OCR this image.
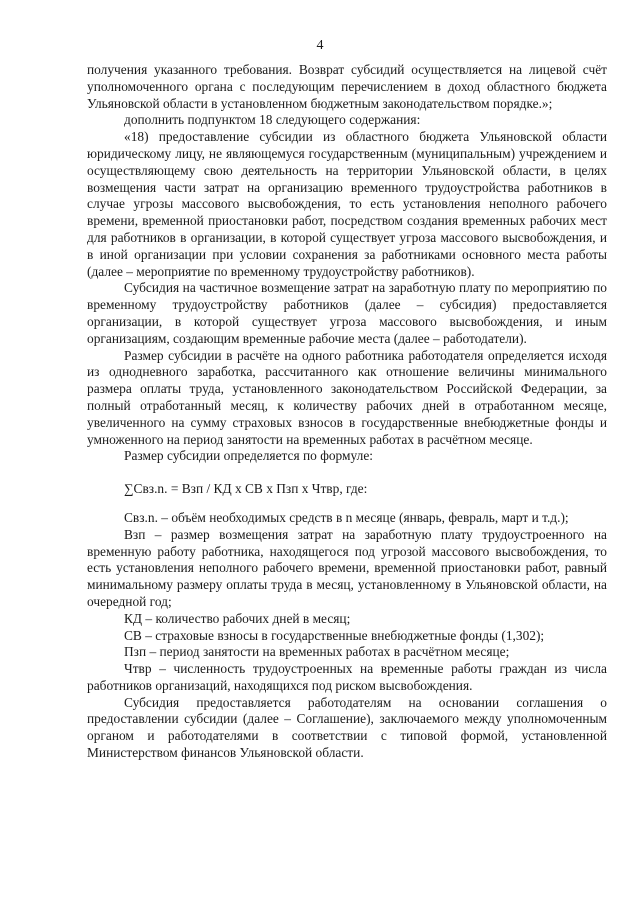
4

получения указанного требования. Возврат субсидий осуществляется на лицевой счёт уполномоченного органа с последующим перечислением в доход областного бюджета Ульяновской области в установленном бюджетным законодательством порядке.»;

дополнить подпунктом 18 следующего содержания:

«18) предоставление субсидии из областного бюджета Ульяновской области юридическому лицу, не являющемуся государственным (муниципальным) учреждением и осуществляющему свою деятельность на территории Ульяновской области, в целях возмещения части затрат на организацию временного трудоустройства работников в случае угрозы массового высвобождения, то есть установления неполного рабочего времени, временной приостановки работ, посредством создания временных рабочих мест для работников в организации, в которой существует угроза массового высвобождения, и в иной организации при условии сохранения за работниками основного места работы (далее – мероприятие по временному трудоустройству работников).

Субсидия на частичное возмещение затрат на заработную плату по мероприятию по временному трудоустройству работников (далее – субсидия) предоставляется организации, в которой существует угроза массового высвобождения, и иным организациям, создающим временные рабочие места (далее – работодатели).

Размер субсидии в расчёте на одного работника работодателя определяется исходя из однодневного заработка, рассчитанного как отношение величины минимального размера оплаты труда, установленного законодательством Российской Федерации, за полный отработанный месяц, к количеству рабочих дней в отработанном месяце, увеличенного на сумму страховых взносов в государственные внебюджетные фонды и умноженного на период занятости на временных работах в расчётном месяце.

Размер субсидии определяется по формуле:

∑Свз.n. = Взп / КД х СВ х Пзп х Чтвр, где:

Свз.n. – объём необходимых средств в n месяце (январь, февраль, март и т.д.);

Взп – размер возмещения затрат на заработную плату трудоустроенного на временную работу работника, находящегося под угрозой массового высвобождения, то есть установления неполного рабочего времени, временной приостановки работ, равный минимальному размеру оплаты труда в месяц, установленному в Ульяновской области, на очередной год;

КД – количество рабочих дней в месяц;

СВ – страховые взносы в государственные внебюджетные фонды (1,302);

Пзп – период занятости на временных работах в расчётном месяце;

Чтвр – численность трудоустроенных на временные работы граждан из числа работников организаций, находящихся под риском высвобождения.

Субсидия предоставляется работодателям на основании соглашения о предоставлении субсидии (далее – Соглашение), заключаемого между уполномоченным органом и работодателями в соответствии с типовой формой, установленной Министерством финансов Ульяновской области.
